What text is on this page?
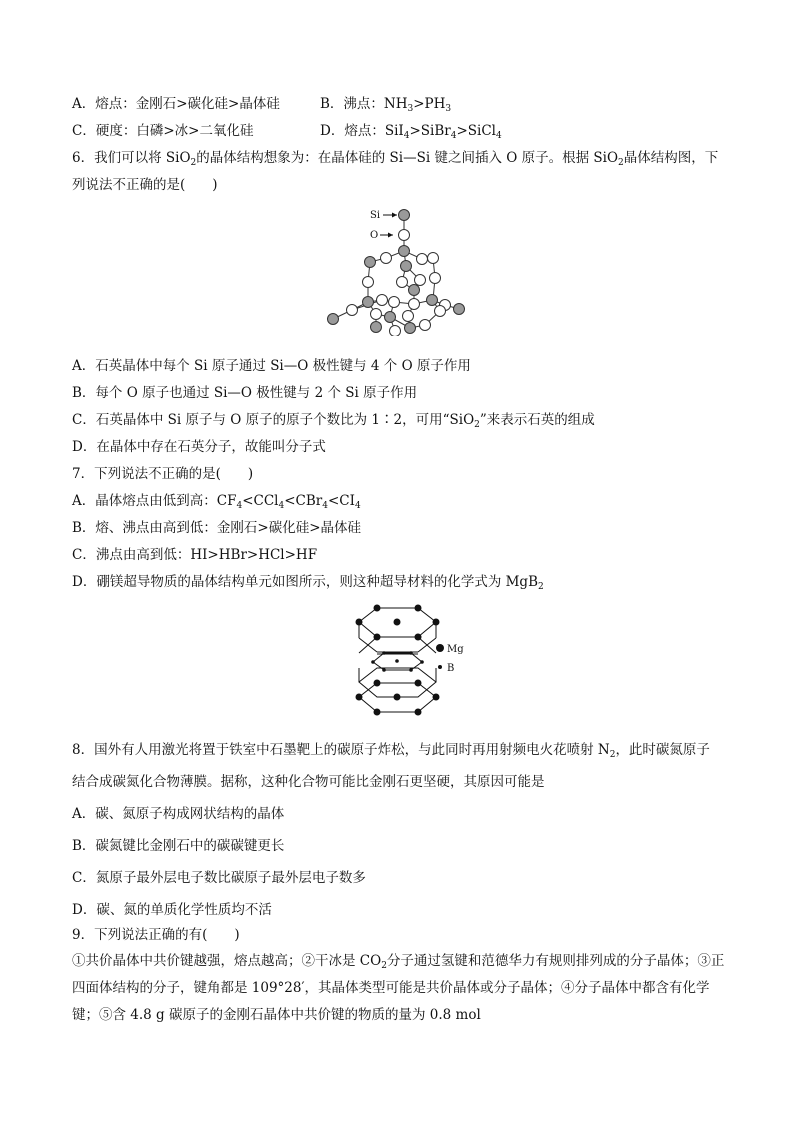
A．熔点：金刚石>碳化硅>晶体硅	B．沸点：$NH_3>PH_3$
C．硬度：白磷>冰>二氧化硅	D．熔点：SiI$_4$>SiBr$_4$>SiCl$_4$
6．我们可以将 SiO$_2$的晶体结构想象为：在晶体硅的 Si—Si 键之间插入 O 原子。根据 SiO$_2$晶体结构图，下
列说法不正确的是(　　)
Si
O
A．石英晶体中每个 Si 原子通过 Si—O 极性键与 4 个 O 原子作用
B．每个 O 原子也通过 Si—O 极性键与 2 个 Si 原子作用
C．石英晶体中 Si 原子与 O 原子的原子个数比为 1∶2，可用“SiO$_2$”来表示石英的组成
D．在晶体中存在石英分子，故能叫分子式
7．下列说法不正确的是(　　)
A．晶体熔点由低到高：$CF_4<CCl_4<CBr_4<CI_4$
B．熔、沸点由高到低：金刚石>碳化硅>晶体硅
C．沸点由高到低：HI>HBr>HCl>HF
D．硼镁超导物质的晶体结构单元如图所示，则这种超导材料的化学式为 MgB$_2$
Mg
B
8．国外有人用激光将置于铁室中石墨靶上的碳原子炸松，与此同时再用射频电火花喷射 $N_2$，此时碳氮原子
结合成碳氮化合物薄膜。据称，这种化合物可能比金刚石更坚硬，其原因可能是
A．碳、氮原子构成网状结构的晶体
B．碳氮键比金刚石中的碳碳键更长
C．氮原子最外层电子数比碳原子最外层电子数多
D．碳、氮的单质化学性质均不活
9．下列说法正确的有(　　)
①共价晶体中共价键越强，熔点越高；②干冰是 $CO_2$分子通过氢键和范德华力有规则排列成的分子晶体；③正四面体结构的分子，键角都是 109°28′，其晶体类型可能是共价晶体或分子晶体；④分子晶体中都含有化学键；⑤含 4.8 g 碳原子的金刚石晶体中共价键的物质的量为 0.8 mol
